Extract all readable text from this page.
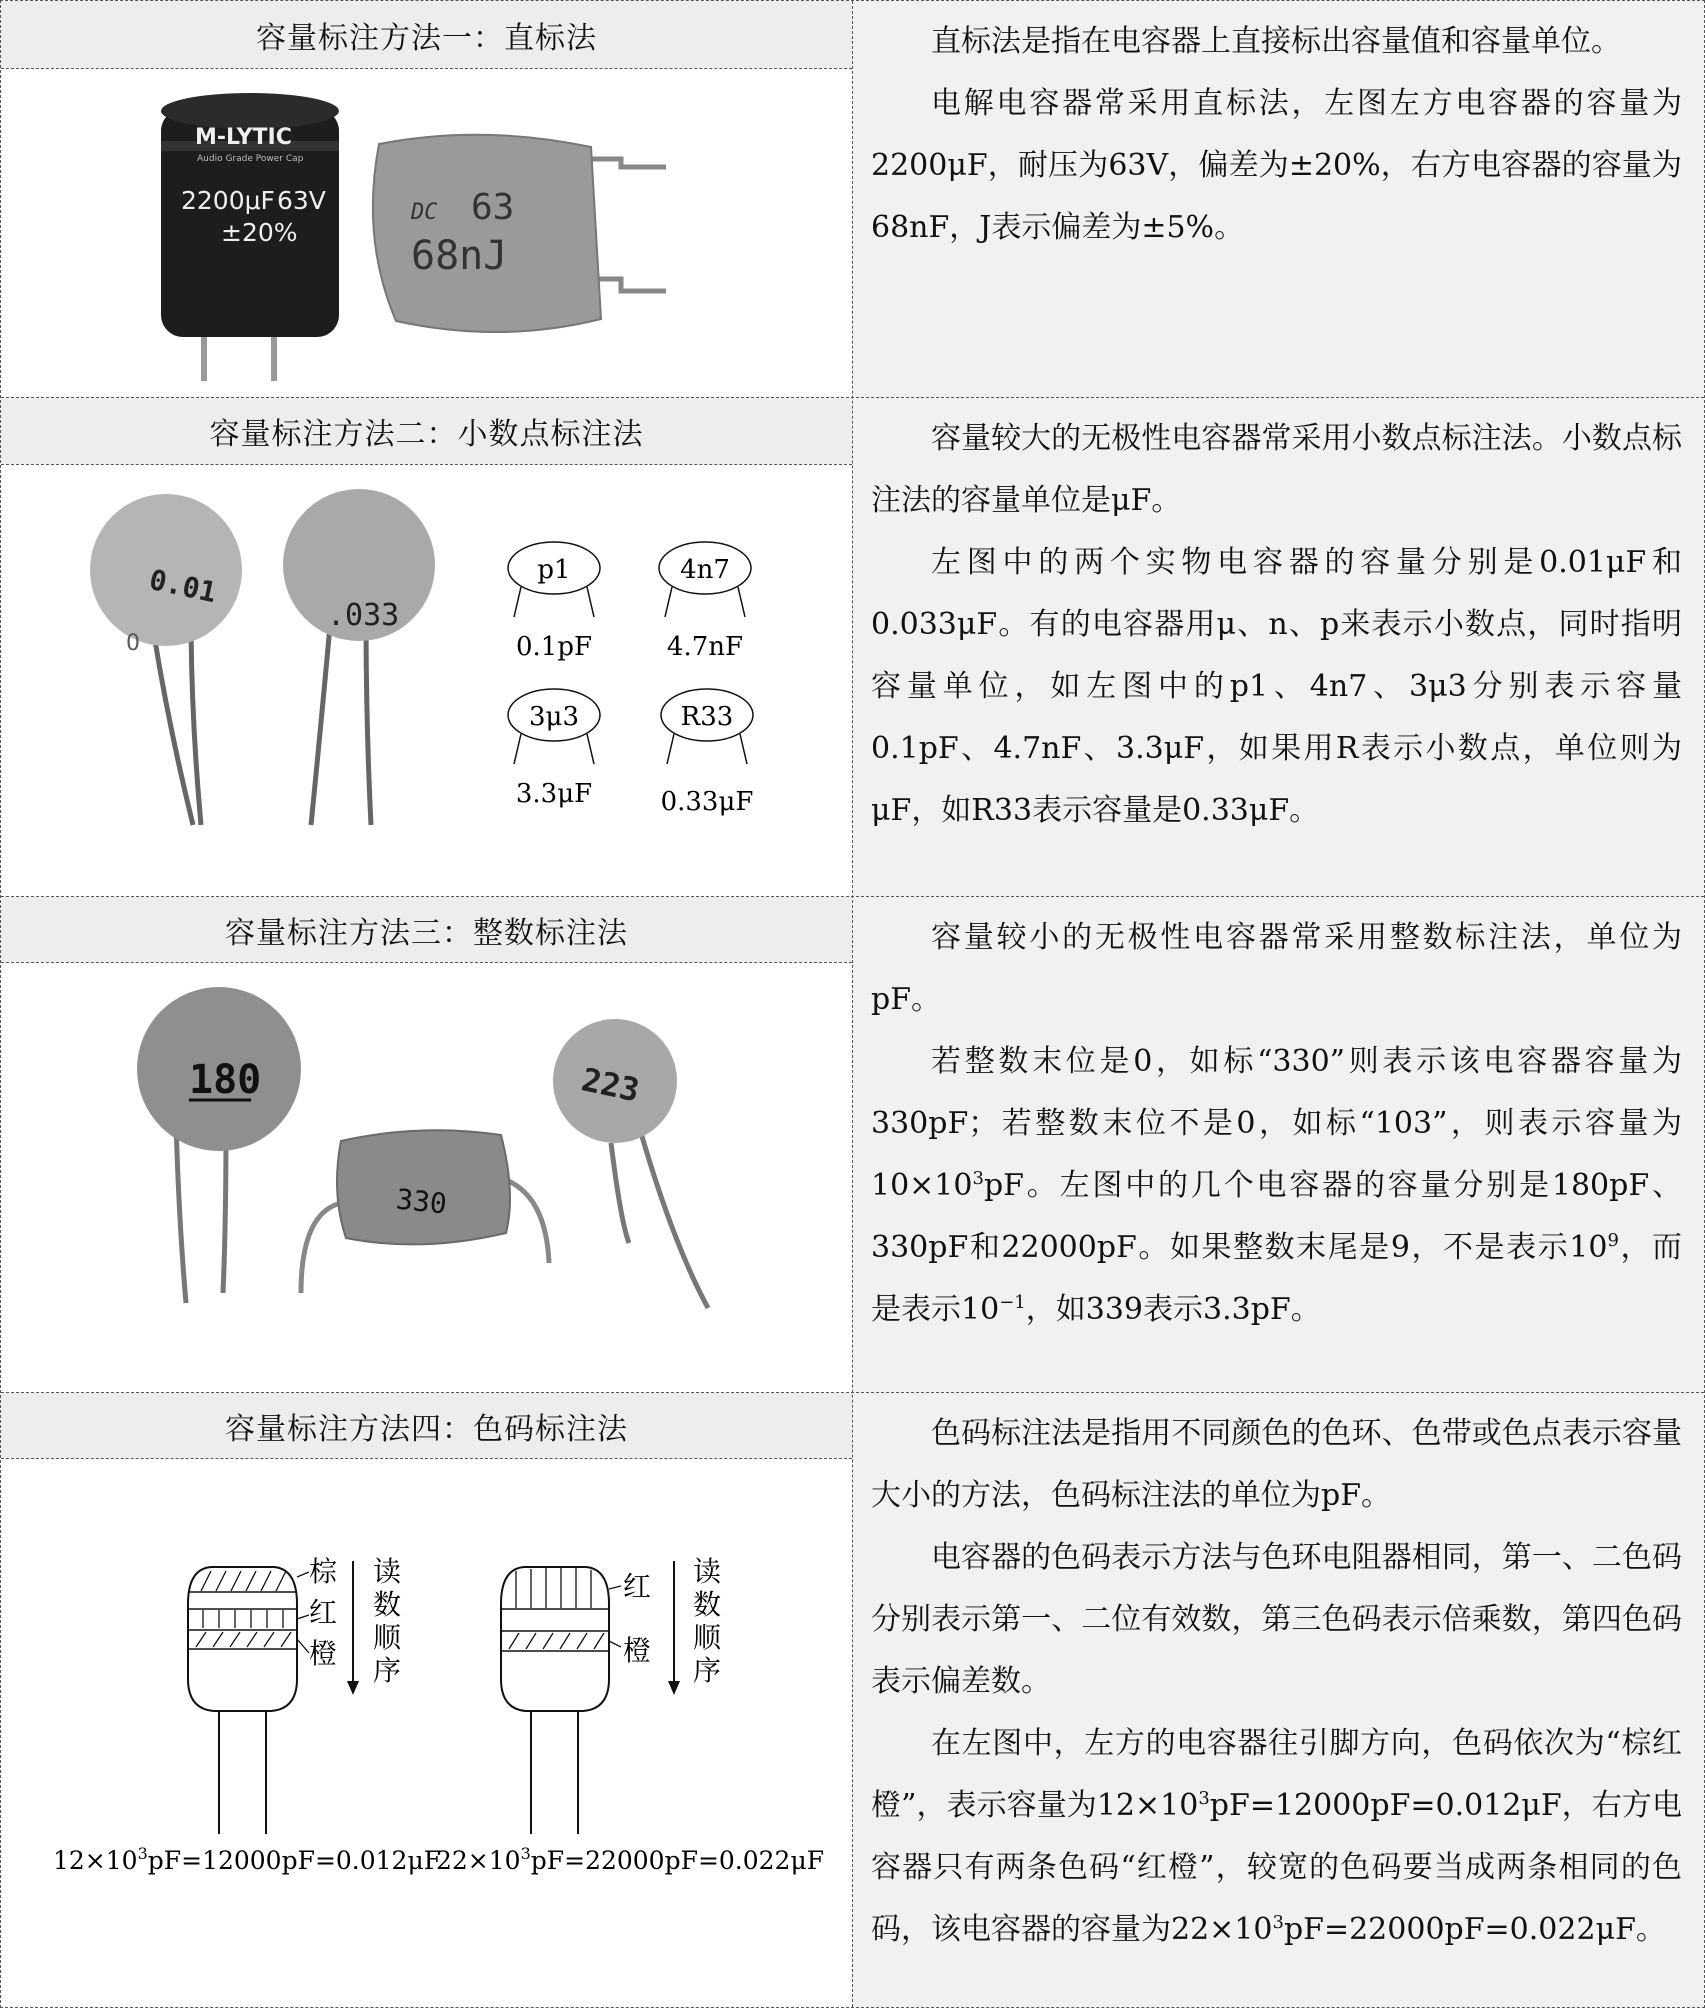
容量标注方法一：直标法
M-LYTIC
Audio Grade Power Cap
2200μF 63V
±20%
DC 63
68nJ

直标法是指在电容器上直接标出容量值和容量单位。

电解电容器常采用直标法，左图左方电容器的容量为2200μF，耐压为63V，偏差为±20%，右方电容器的容量为68nF，J表示偏差为±5%。

容量标注方法二：小数点标注法
0.01
0
.033
p1
0.1pF
4n7
4.7nF
3μ3
3.3μF
R33
0.33μF

容量较大的无极性电容器常采用小数点标注法。小数点标注法的容量单位是μF。

左图中的两个实物电容器的容量分别是0.01μF和0.033μF。有的电容器用μ、n、p来表示小数点，同时指明容量单位，如左图中的p1、4n7、3μ3分别表示容量0.1pF、4.7nF、3.3μF，如果用R表示小数点，单位则为μF，如R33表示容量是0.33μF。

容量标注方法三：整数标注法
180
330
223

容量较小的无极性电容器常采用整数标注法，单位为pF。

若整数末位是0，如标“330”则表示该电容器容量为330pF；若整数末位不是0，如标“103”，则表示容量为$10\times 10^3pF$。左图中的几个电容器的容量分别是180pF、330pF和22000pF。如果整数末尾是9，不是表示$10^9$，而是表示$10^{-1}$，如339表示3.3pF。

容量标注方法四：色码标注法
棕
红
橙
读
数
顺
序
红
橙
读
数
顺
序
$12\times 10^3pF=12000pF=0.012\mu F$
$22\times 10^3pF=22000pF=0.022\mu F$

色码标注法是指用不同颜色的色环、色带或色点表示容量大小的方法，色码标注法的单位为pF。

电容器的色码表示方法与色环电阻器相同，第一、二色码分别表示第一、二位有效数，第三色码表示倍乘数，第四色码表示偏差数。

在左图中，左方的电容器往引脚方向，色码依次为“棕红橙”，表示容量为$12\times 10^3pF=12000pF=0.012\mu F$，右方电容器只有两条色码“红橙”，较宽的色码要当成两条相同的色码，该电容器的容量为$22\times 10^3pF=22000pF=0.022\mu F$。
